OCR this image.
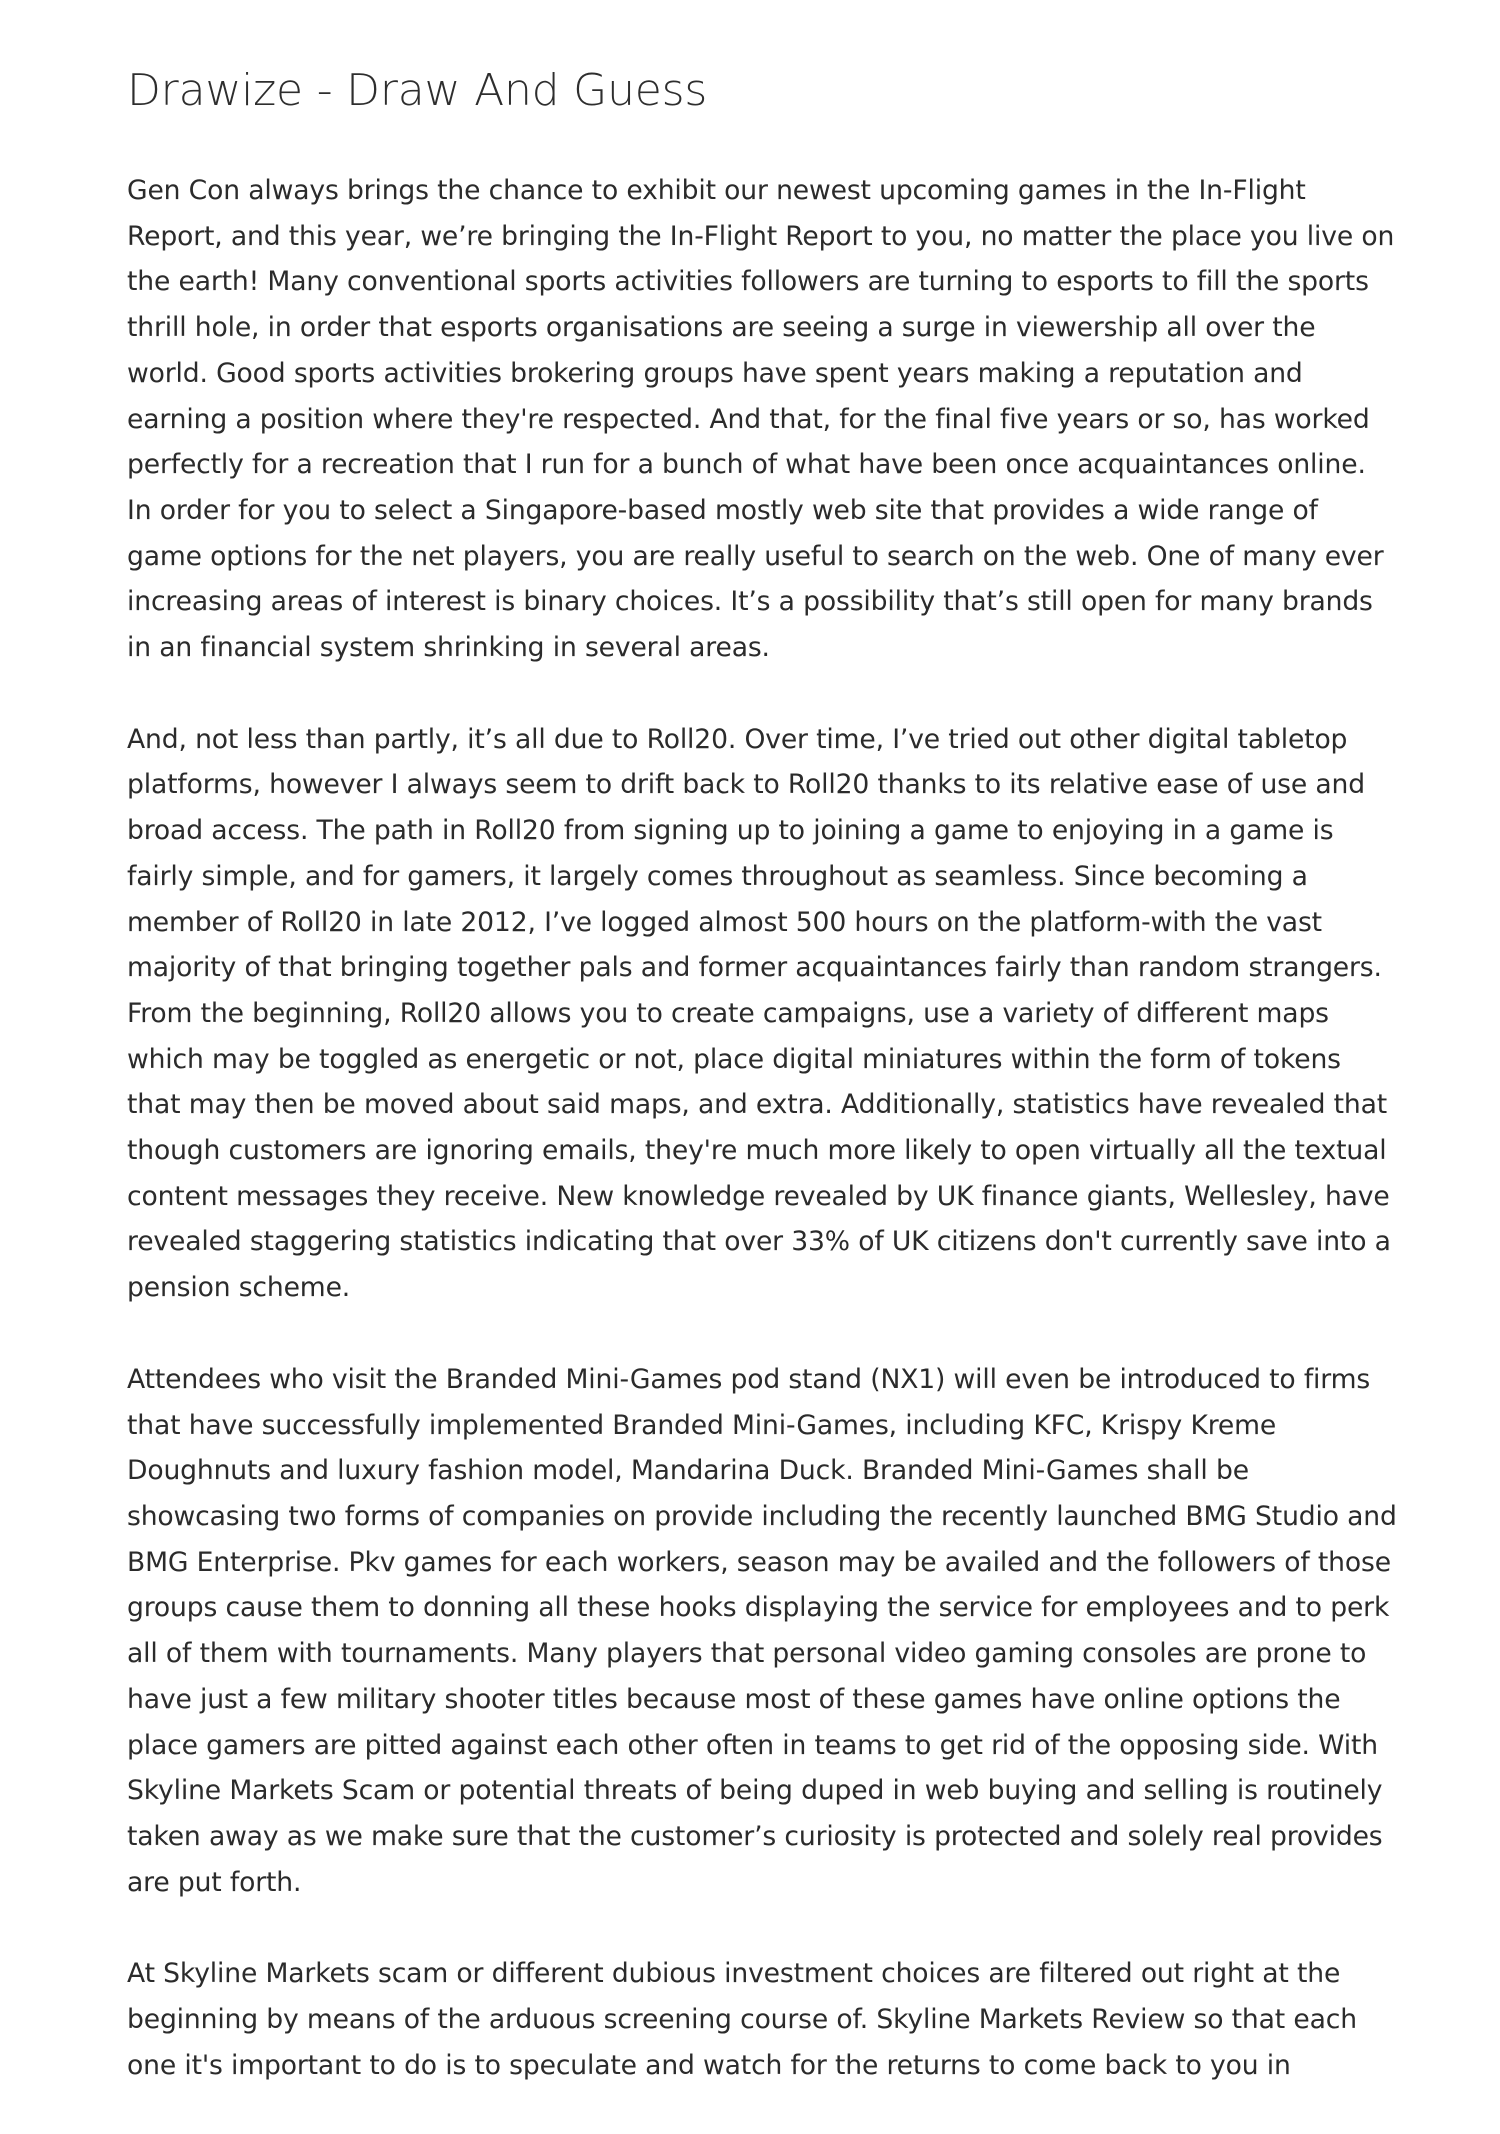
Drawize - Draw And Guess

Gen Con always brings the chance to exhibit our newest upcoming games in the In-Flight Report, and this year, we’re bringing the In-Flight Report to you, no matter the place you live on the earth! Many conventional sports activities followers are turning to esports to fill the sports thrill hole, in order that esports organisations are seeing a surge in viewership all over the world. Good sports activities brokering groups have spent years making a reputation and earning a position where they're respected. And that, for the final five years or so, has worked perfectly for a recreation that I run for a bunch of what have been once acquaintances online. In order for you to select a Singapore-based mostly web site that provides a wide range of game options for the net players, you are really useful to search on the web. One of many ever increasing areas of interest is binary choices. It’s a possibility that’s still open for many brands in an financial system shrinking in several areas.

And, not less than partly, it’s all due to Roll20. Over time, I’ve tried out other digital tabletop platforms, however I always seem to drift back to Roll20 thanks to its relative ease of use and broad access. The path in Roll20 from signing up to joining a game to enjoying in a game is fairly simple, and for gamers, it largely comes throughout as seamless. Since becoming a member of Roll20 in late 2012, I’ve logged almost 500 hours on the platform-with the vast majority of that bringing together pals and former acquaintances fairly than random strangers. From the beginning, Roll20 allows you to create campaigns, use a variety of different maps which may be toggled as energetic or not, place digital miniatures within the form of tokens that may then be moved about said maps, and extra. Additionally, statistics have revealed that though customers are ignoring emails, they're much more likely to open virtually all the textual content messages they receive. New knowledge revealed by UK finance giants, Wellesley, have revealed staggering statistics indicating that over 33% of UK citizens don't currently save into a pension scheme.

Attendees who visit the Branded Mini-Games pod stand (NX1) will even be introduced to firms that have successfully implemented Branded Mini-Games, including KFC, Krispy Kreme Doughnuts and luxury fashion model, Mandarina Duck. Branded Mini-Games shall be showcasing two forms of companies on provide including the recently launched BMG Studio and BMG Enterprise. Pkv games for each workers, season may be availed and the followers of those groups cause them to donning all these hooks displaying the service for employees and to perk all of them with tournaments. Many players that personal video gaming consoles are prone to have just a few military shooter titles because most of these games have online options the place gamers are pitted against each other often in teams to get rid of the opposing side. With Skyline Markets Scam or potential threats of being duped in web buying and selling is routinely taken away as we make sure that the customer’s curiosity is protected and solely real provides are put forth.

At Skyline Markets scam or different dubious investment choices are filtered out right at the beginning by means of the arduous screening course of. Skyline Markets Review so that each one it's important to do is to speculate and watch for the returns to come back to you in
